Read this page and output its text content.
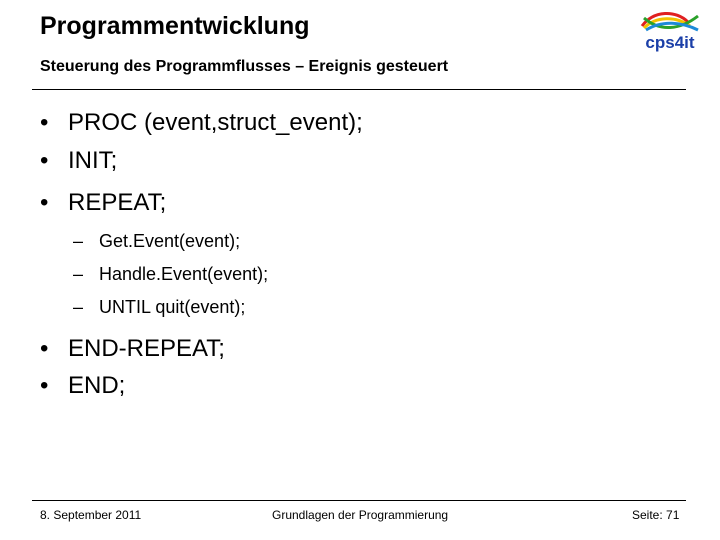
Programmentwicklung
Steuerung des Programmflusses – Ereignis gesteuert
cps4it
• PROC (event,struct_event);
• INIT;
• REPEAT;
– Get.Event(event);
– Handle.Event(event);
– UNTIL quit(event);
• END-REPEAT;
• END;
8. September 2011	Grundlagen der Programmierung	Seite: 71
